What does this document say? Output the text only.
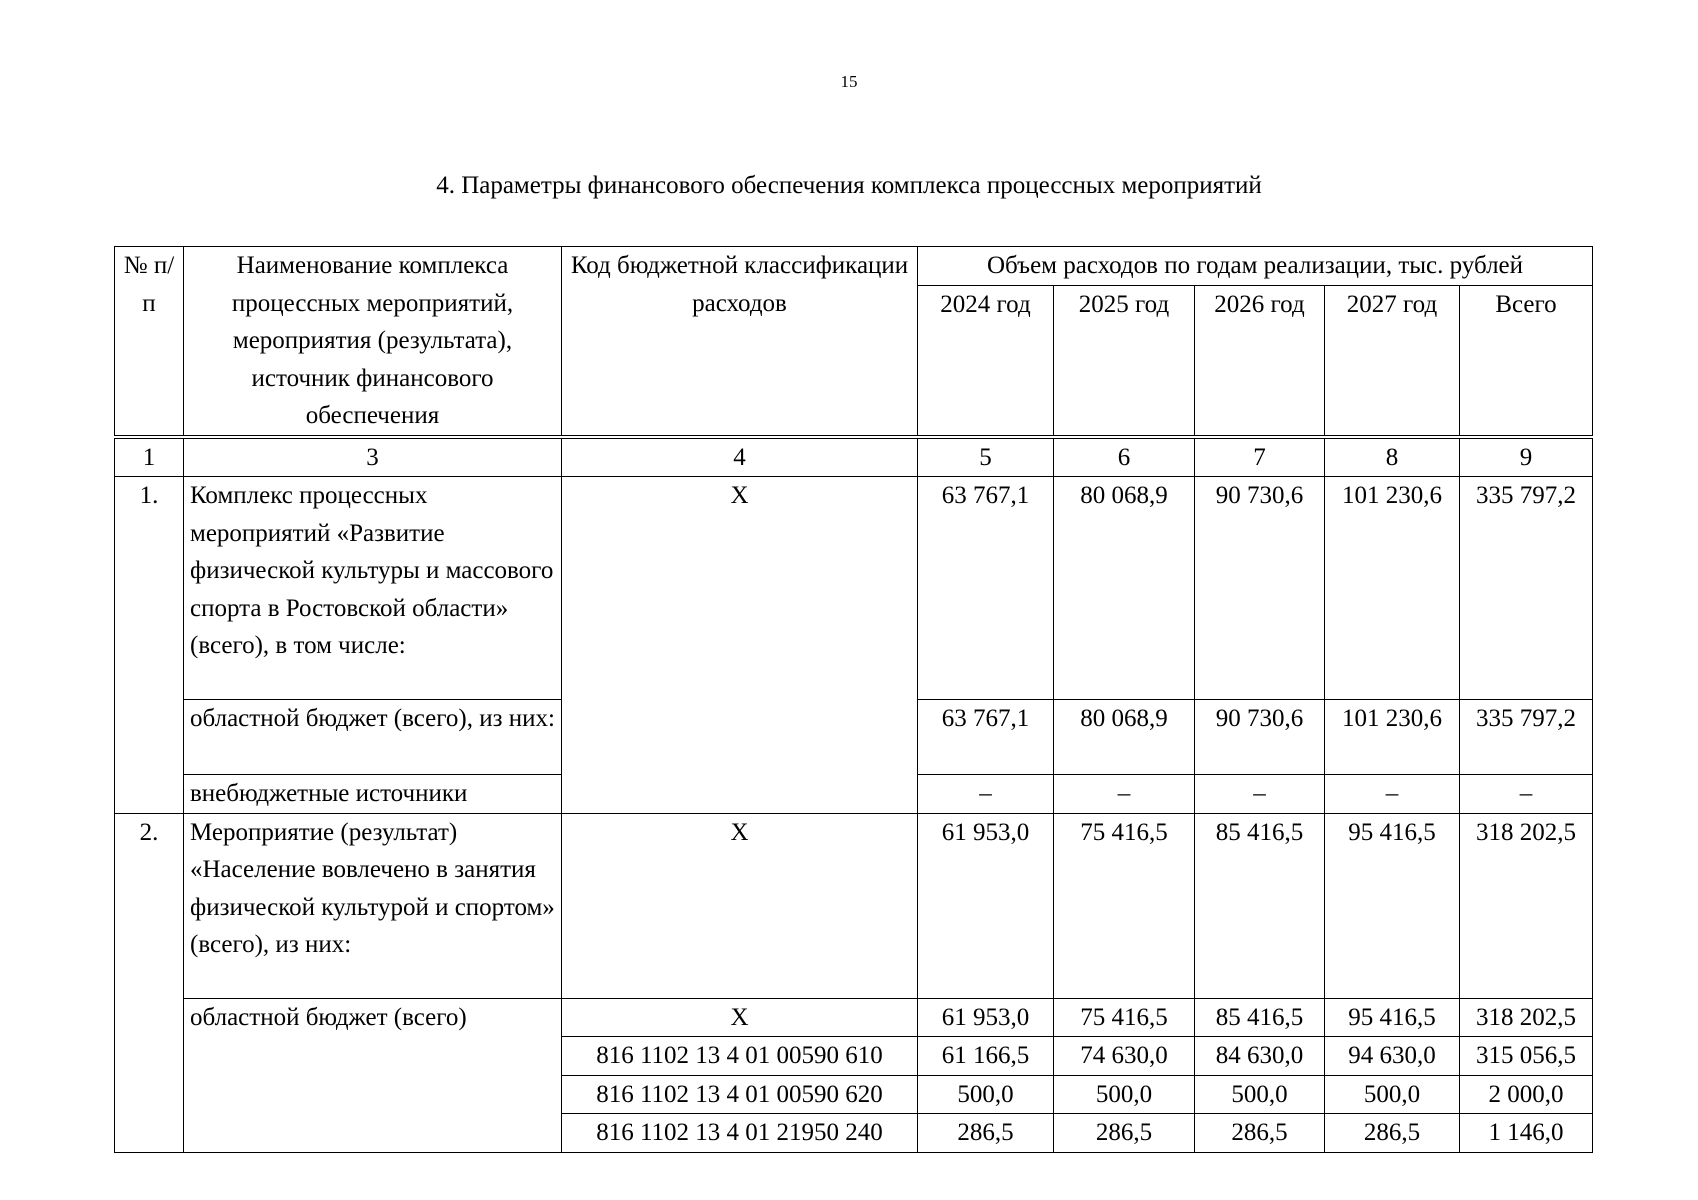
15
4. Параметры финансового обеспечения комплекса процессных мероприятий
№ п/п	Наименование комплекса процессных мероприятий, мероприятия (результата), источник финансового обеспечения	Код бюджетной классификации расходов	Объем расходов по годам реализации, тыс. рублей				
			2024 год	2025 год	2026 год	2027 год	Всего
1	3	4	5	6	7	8	9
1.	Комплекс процессных мероприятий «Развитие физической культуры и массового спорта в Ростовской области» (всего), в том числе:	X	63 767,1	80 068,9	90 730,6	101 230,6	335 797,2
	областной бюджет (всего), из них:		63 767,1	80 068,9	90 730,6	101 230,6	335 797,2
	внебюджетные источники		–	–	–	–	–
2.	Мероприятие (результат) «Население вовлечено в занятия физической культурой и спортом» (всего), из них:	X	61 953,0	75 416,5	85 416,5	95 416,5	318 202,5
	областной бюджет (всего)	X	61 953,0	75 416,5	85 416,5	95 416,5	318 202,5
		816 1102 13 4 01 00590 610	61 166,5	74 630,0	84 630,0	94 630,0	315 056,5
		816 1102 13 4 01 00590 620	500,0	500,0	500,0	500,0	2 000,0
		816 1102 13 4 01 21950 240	286,5	286,5	286,5	286,5	1 146,0
